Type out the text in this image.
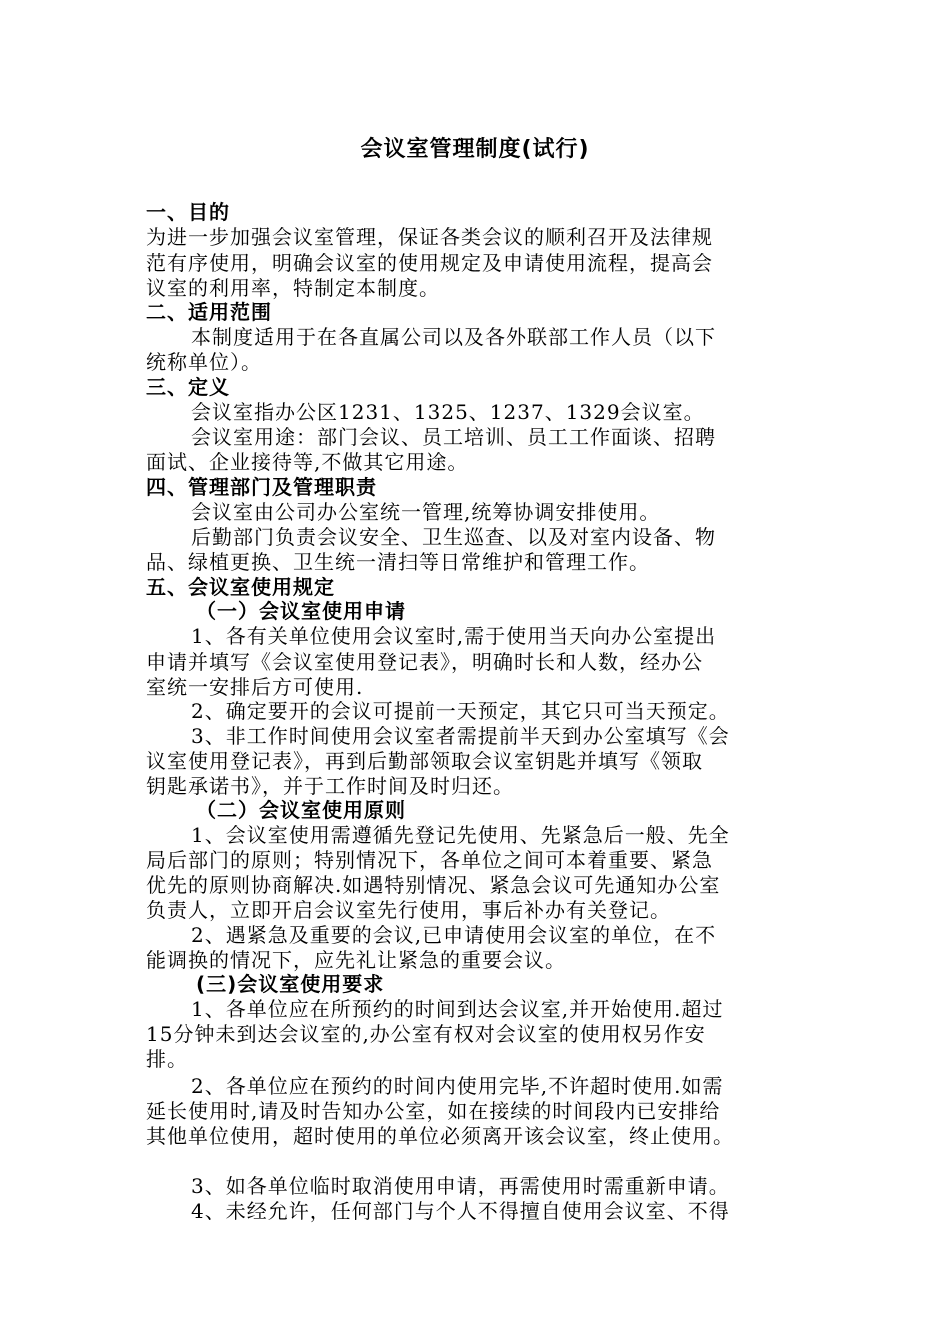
会议室管理制度(试行)
一、目的
为进一步加强会议室管理，保证各类会议的顺利召开及法律规
范有序使用，明确会议室的使用规定及申请使用流程，提高会
议室的利用率，特制定本制度。
二、适用范围
本制度适用于在各直属公司以及各外联部工作人员（以下
统称单位）。
三、定义
会议室指办公区1231、1325、1237、1329会议室。
会议室用途：部门会议、员工培训、员工工作面谈、招聘
面试、企业接待等,不做其它用途。
四、管理部门及管理职责
会议室由公司办公室统一管理,统筹协调安排使用。
后勤部门负责会议安全、卫生巡查、以及对室内设备、物
品、绿植更换、卫生统一清扫等日常维护和管理工作。
五、会议室使用规定
（一）会议室使用申请
1、各有关单位使用会议室时,需于使用当天向办公室提出
申请并填写《会议室使用登记表》，明确时长和人数，经办公
室统一安排后方可使用.
2、确定要开的会议可提前一天预定，其它只可当天预定。
3、非工作时间使用会议室者需提前半天到办公室填写《会
议室使用登记表》，再到后勤部领取会议室钥匙并填写《领取
钥匙承诺书》，并于工作时间及时归还。
（二）会议室使用原则
1、会议室使用需遵循先登记先使用、先紧急后一般、先全
局后部门的原则；特别情况下，各单位之间可本着重要、紧急
优先的原则协商解决.如遇特别情况、紧急会议可先通知办公室
负责人，立即开启会议室先行使用，事后补办有关登记。
2、遇紧急及重要的会议,已申请使用会议室的单位，在不
能调换的情况下，应先礼让紧急的重要会议。
(三)会议室使用要求
1、各单位应在所预约的时间到达会议室,并开始使用.超过
15分钟未到达会议室的,办公室有权对会议室的使用权另作安
排。
2、各单位应在预约的时间内使用完毕,不许超时使用.如需
延长使用时,请及时告知办公室，如在接续的时间段内已安排给
其他单位使用，超时使用的单位必须离开该会议室，终止使用。
3、如各单位临时取消使用申请，再需使用时需重新申请。
4、未经允许，任何部门与个人不得擅自使用会议室、不得
